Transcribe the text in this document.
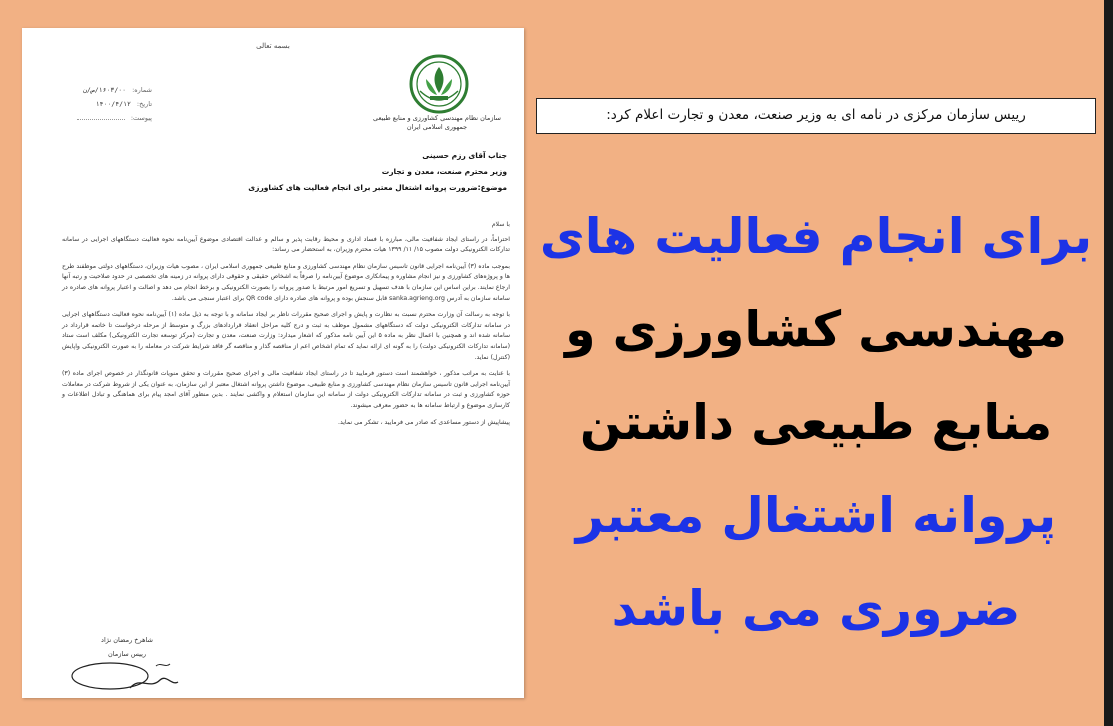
بسمه تعالی
سازمان نظام مهندسی کشاورزی و منابع طبیعی
جمهوری اسلامی ایران
شماره:
۱۶۰۳/۰۰/ص/ن
تاریخ:
۱۴۰۰/۴/۱۲
پیوست:
جناب آقای رزم حسینی
وزیر محترم صنعت، معدن و تجارت
موضوع:ضرورت پروانه اشتغال معتبر برای انجام فعالیت های کشاورزی
با سلام

احتراماً، در راستای ایجاد شفافیت مالی، مبارزه با فساد اداری و محیط رقابت پذیر و سالم و عدالت اقتصادی موضوع آیین‌نامه نحوه فعالیت دستگاههای اجرایی در سامانه تدارکات الکترونیکی دولت مصوب ۱۵/ ۱۱/ ۱۳۹۹ هیات محترم وزیران، به استحضار می رساند:

بموجب ماده (۳) آیین‌نامه اجرایی قانون تاسیس سازمان نظام مهندسی کشاورزی و منابع طبیعی جمهوری اسلامی ایران ، مصوب هیات وزیران، دستگاههای دولتی موظفند طرح ها و پروژه‌های کشاورزی و نیز انجام مشاوره و پیمانکاری موضوع آیین‌نامه را صرفاً به اشخاص حقیقی و حقوقی دارای پروانه در زمینه های تخصصی در حدود صلاحیت و رتبه آنها ارجاع نمایند. براین اساس این سازمان با هدف تسهیل و تسریع امور مرتبط با صدور پروانه را بصورت الکترونیکی و برخط انجام می دهد و اصالت و اعتبار پروانه های صادره در سامانه سازمان به آدرس sanka.agrieng.org قابل سنجش بوده و پروانه های صادره دارای QR code برای اعتبار سنجی می باشد.

با توجه به رسالت آن وزارت محترم نسبت به نظارت و پایش و اجرای صحیح مقررات ناظر بر ایجاد سامانه و با توجه به ذیل ماده (۱) آیین‌نامه نحوه فعالیت دستگاههای اجرایی در سامانه تدارکات الکترونیکی دولت که دستگاههای مشمول موظف به ثبت و درج کلیه مراحل انعقاد قراردادهای بزرگ و متوسط از مرحله درخواست تا خاتمه قرارداد در سامانه شده اند و همچنین با اعمال نظر به ماده ۵ این آیین نامه مذکور که اشعار میدارد: وزارت صنعت، معدن و تجارت (مرکز توسعه تجارت الکترونیکی) مکلف است ستاد (سامانه تدارکات الکترونیکی دولت) را به گونه ای ارائه نماید که تمام اشخاص اعم از مناقصه گذار و مناقصه گر فاقد شرایط شرکت در معامله را به صورت الکترونیکی واپایش (کنترل) نماید.

با عنایت به مراتب مذکور ، خواهشمند است دستور فرمایید تا در راستای ایجاد شفافیت مالی و اجرای صحیح مقررات و تحقق منویات قانونگذار در خصوص اجرای ماده (۳) آیین‌نامه اجرایی قانون تاسیس سازمان نظام مهندسی کشاورزی و منابع طبیعی، موضوع داشتن پروانه اشتغال معتبر از این سازمان، به عنوان یکی از شروط شرکت در معاملات حوزه کشاورزی و ثبت در سامانه تدارکات الکترونیکی دولت از سامانه این سازمان استعلام و واکشی نمایند . بدین منظور آقای امجد پیام برای هماهنگی و تبادل اطلاعات و کارسازی موضوع و ارتباط سامانه ها به حضور معرفی میشوند.

پیشاپیش از دستور مساعدی که صادر می فرمایید ، تشکر می نماید.

شاهرخ رمضان نژاد
رییس سازمان
رییس سازمان مرکزی در نامه ای به وزیر صنعت، معدن و تجارت اعلام کرد:
برای انجام فعالیت های
مهندسی کشاورزی و
منابع طبیعی داشتن
پروانه اشتغال معتبر
ضروری می باشد
